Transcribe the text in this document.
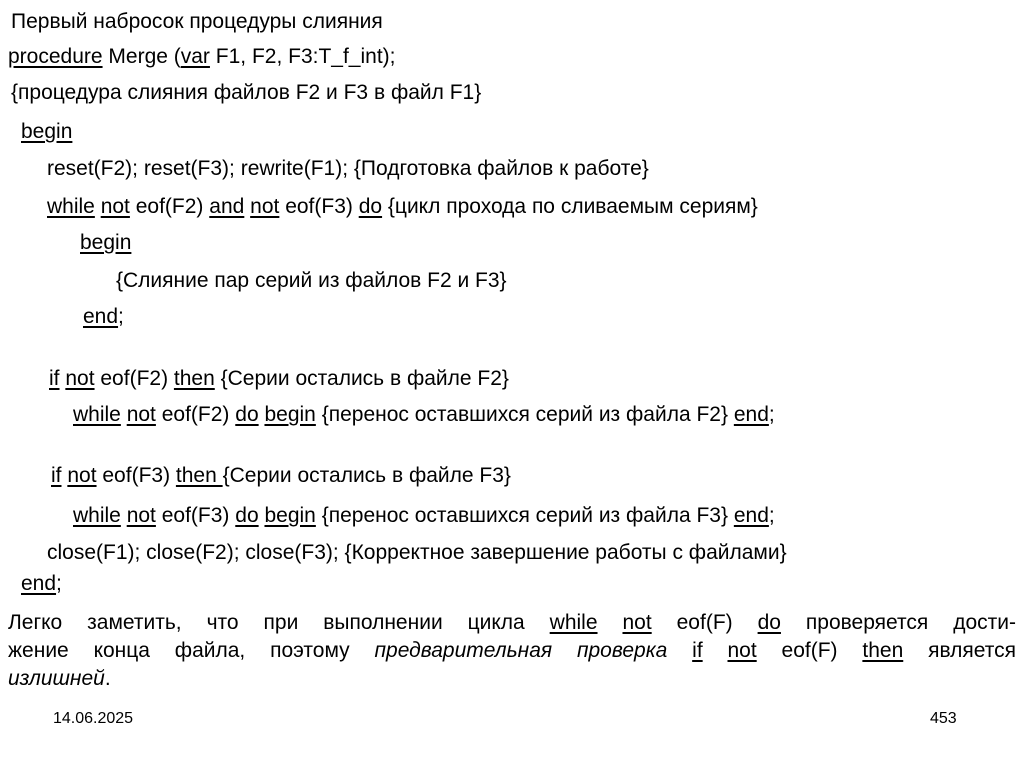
Первый набросок процедуры слияния
procedure Merge (var F1, F2, F3:T_f_int);
{процедура слияния файлов F2 и F3 в файл F1}
begin
reset(F2); reset(F3); rewrite(F1); {Подготовка файлов к работе}
while not eof(F2) and not eof(F3) do {цикл прохода по сливаемым сериям}
begin
{Слияние пар серий из файлов F2 и F3}
end;
if not eof(F2) then {Серии остались в файле F2}
while not eof(F2) do begin {перенос оставшихся серий из файла F2} end;
if not eof(F3) then {Серии остались в файле F3}
while not eof(F3) do begin {перенос оставшихся серий из файла F3} end;
close(F1); close(F2); close(F3); {Корректное завершение работы с файлами}
end;
Легко заметить, что при выполнении цикла while not eof(F) do проверяется дости-
жение конца файла, поэтому предварительная проверка if not eof(F) then является
излишней.
14.06.2025	453
